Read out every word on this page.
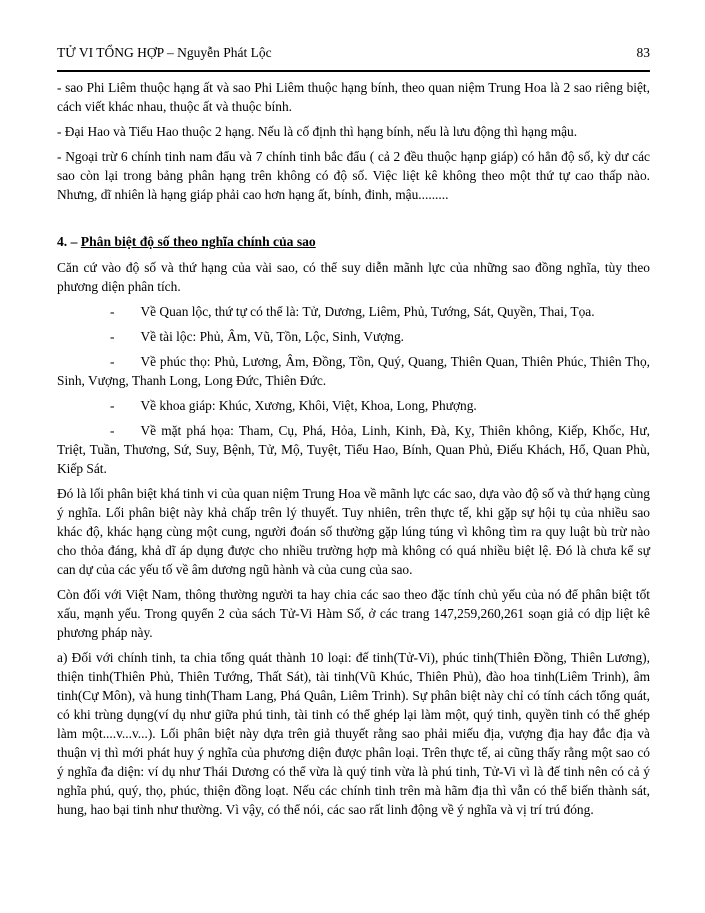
TỬ VI TỔNG HỢP – Nguyễn Phát Lộc	83

- sao Phi Liêm thuộc hạng ất và sao Phi Liêm thuộc hạng bính, theo quan niệm Trung Hoa là 2 sao riêng biệt, cách viết khác nhau, thuộc ất và thuộc bính.

- Đại Hao và Tiểu Hao thuộc 2 hạng. Nếu là cố định thì hạng bính, nếu là lưu động thì hạng mậu.

- Ngoại trừ 6 chính tinh nam đẩu và 7 chính tinh bắc đẩu ( cả 2 đều thuộc hạnp giáp) có hẳn độ số, kỳ dư các sao còn lại trong bảng phân hạng trên không có độ số. Việc liệt kê không theo một thứ tự cao thấp nào. Nhưng, dĩ nhiên là hạng giáp phải cao hơn hạng ất, bính, đinh, mậu.........

4. – Phân biệt độ số theo nghĩa chính của sao

Căn cứ vào độ số và thứ hạng của vài sao, có thể suy diễn mãnh lực của những sao đồng nghĩa, tùy theo phương diện phân tích.

- Về Quan lộc, thứ tự có thể là: Tử, Dương, Liêm, Phủ, Tướng, Sát, Quyền, Thai, Tọa.

- Về tài lộc: Phủ, Âm, Vũ, Tồn, Lộc, Sinh, Vượng.

- Về phúc thọ: Phủ, Lương, Âm, Đồng, Tồn, Quý, Quang, Thiên Quan, Thiên Phúc, Thiên Thọ, Sinh, Vượng, Thanh Long, Long Đức, Thiên Đức.

- Về khoa giáp: Khúc, Xương, Khôi, Việt, Khoa, Long, Phượng.

- Về mặt phá họa: Tham, Cụ, Phá, Hỏa, Linh, Kinh, Đà, Kỵ, Thiên không, Kiếp, Khốc, Hư, Triệt, Tuần, Thương, Sứ, Suy, Bệnh, Tử, Mộ, Tuyệt, Tiểu Hao, Bính, Quan Phủ, Điếu Khách, Hổ, Quan Phù, Kiếp Sát.

Đó là lối phân biệt khá tinh vi của quan niệm Trung Hoa về mãnh lực các sao, dựa vào độ số và thứ hạng cùng ý nghĩa. Lối phân biệt này khả chấp trên lý thuyết. Tuy nhiên, trên thực tế, khi gặp sự hội tụ của nhiều sao khác độ, khác hạng cùng một cung, người đoán số thường gặp lúng túng vì không tìm ra quy luật bù trừ nào cho thỏa đáng, khả dĩ áp dụng được cho nhiều trường hợp mà không có quá nhiều biệt lệ. Đó là chưa kể sự can dự của các yếu tố về âm dương ngũ hành và của cung của sao.

Còn đối với Việt Nam, thông thường người ta hay chia các sao theo đặc tính chủ yếu của nó để phân biệt tốt xấu, mạnh yếu. Trong quyển 2 của sách Tử-Vi Hàm Số, ở các trang 147,259,260,261 soạn giả có dịp liệt kê phương pháp này.

a) Đối với chính tinh, ta chia tổng quát thành 10 loại: đế tinh(Tử-Vi), phúc tinh(Thiên Đồng, Thiên Lương), thiện tinh(Thiên Phủ, Thiên Tướng, Thất Sát), tài tinh(Vũ Khúc, Thiên Phủ), đào hoa tinh(Liêm Trinh), âm tinh(Cự Môn), và hung tinh(Tham Lang, Phá Quân, Liêm Trinh). Sự phân biệt này chỉ có tính cách tổng quát, có khi trùng dụng(ví dụ như giữa phú tinh, tài tinh có thể ghép lại làm một, quý tinh, quyền tinh có thể ghép làm một....v...v...). Lối phân biệt này dựa trên giả thuyết rằng sao phải miếu địa, vượng địa hay đắc địa và thuận vị thì mới phát huy ý nghĩa của phương diện được phân loại. Trên thực tế, ai cũng thấy rằng một sao có ý nghĩa đa diện: ví dụ như Thái Dương có thể vừa là quý tinh vừa là phú tinh, Tử-Vi vì là đế tinh nên có cả ý nghĩa phú, quý, thọ, phúc, thiện đồng loạt. Nếu các chính tinh trên mà hãm địa thì vẫn có thể biến thành sát, hung, hao bại tinh như thường. Vì vậy, có thể nói, các sao rất linh động về ý nghĩa và vị trí trú đóng.
